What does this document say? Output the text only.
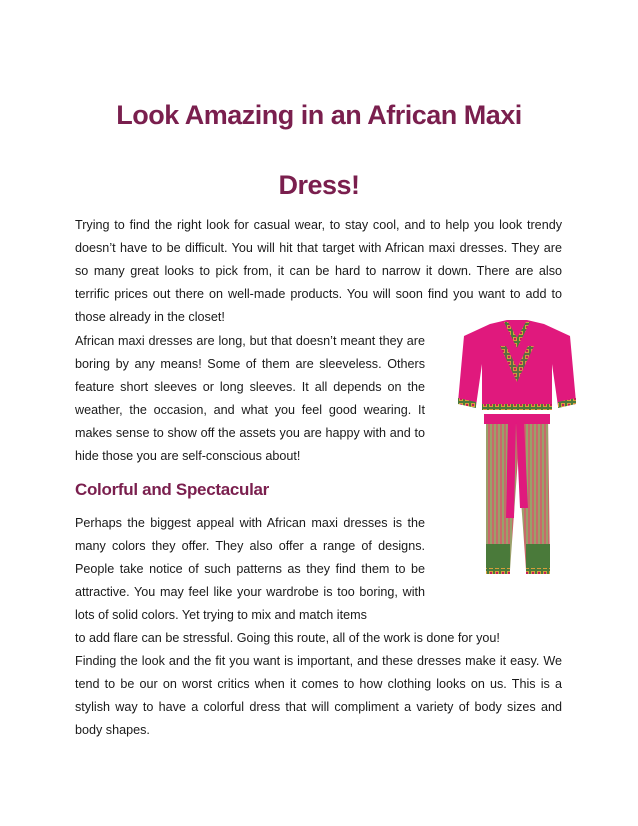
Look Amazing in an African Maxi
Dress!

Trying to find the right look for casual wear, to stay cool, and to help you look trendy doesn’t have to be difficult. You will hit that target with African maxi dresses. They are so many great looks to pick from, it can be hard to narrow it down. There are also terrific prices out there on well-made products. You will soon find you want to add to those already in the closet!

African maxi dresses are long, but that doesn’t meant they are boring by any means! Some of them are sleeveless. Others feature short sleeves or long sleeves. It all depends on the weather, the occasion, and what you feel good wearing. It makes sense to show off the assets you are happy with and to hide those you are self-conscious about!

Colorful and Spectacular

Perhaps the biggest appeal with African maxi dresses is the many colors they offer. They also offer a range of designs. People take notice of such patterns as they find them to be attractive. You may feel like your wardrobe is too boring, with lots of solid colors. Yet trying to mix and match items

to add flare can be stressful. Going this route, all of the work is done for you!

Finding the look and the fit you want is important, and these dresses make it easy. We tend to be our on worst critics when it comes to how clothing looks on us. This is a stylish way to have a colorful dress that will compliment a variety of body sizes and body shapes.
